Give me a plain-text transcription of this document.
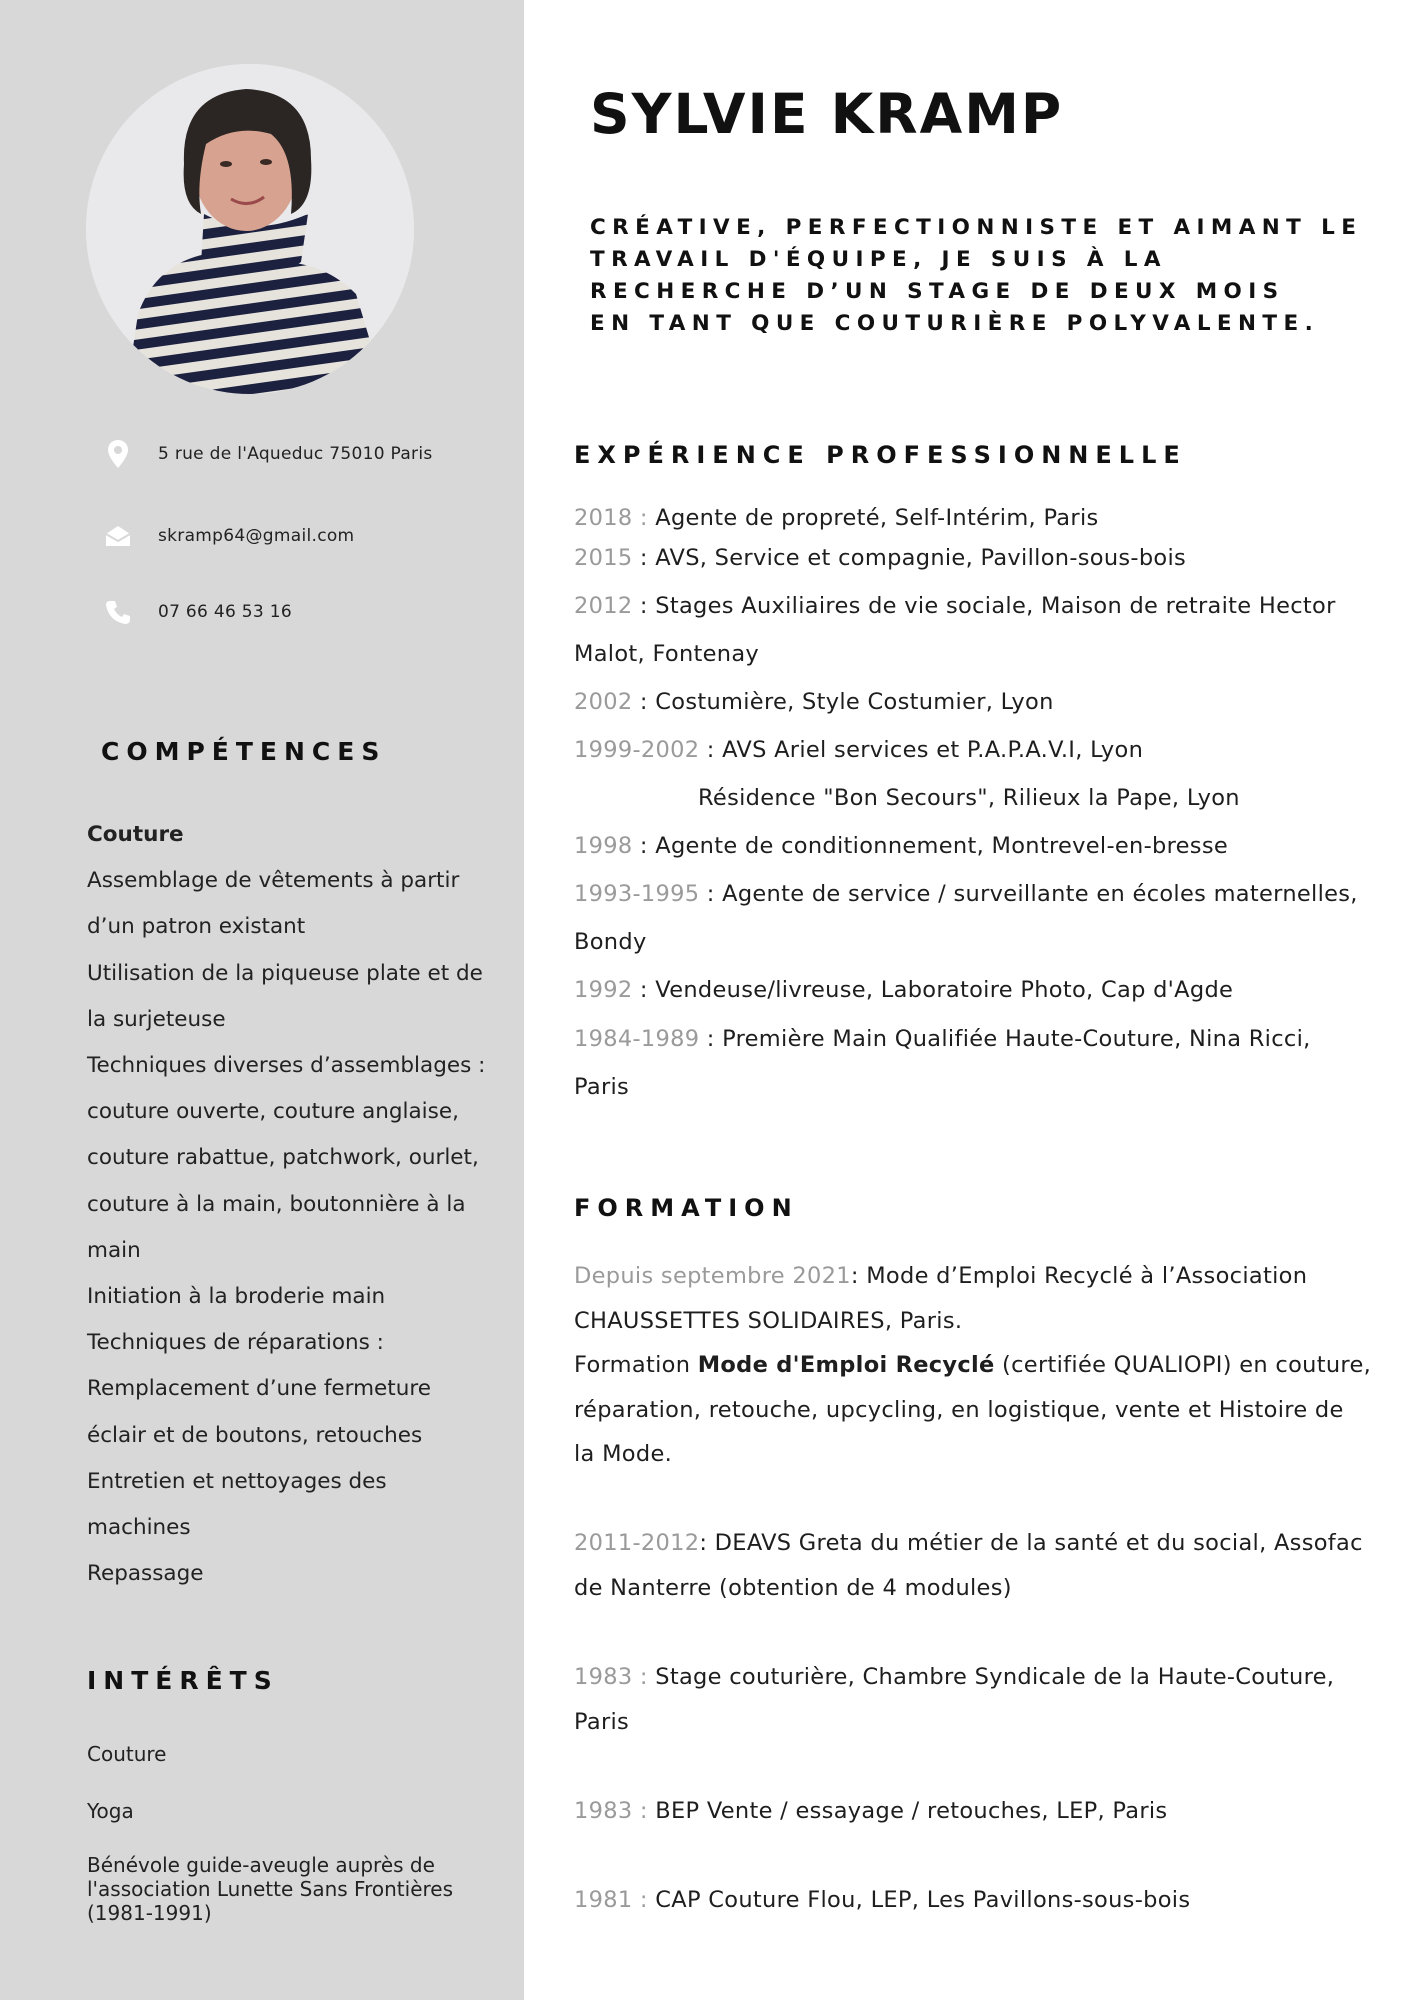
5 rue de l'Aqueduc 75010 Paris
skramp64@gmail.com
07 66 46 53 16
COMPÉTENCES
Couture
Assemblage de vêtements à partir
d’un patron existant
Utilisation de la piqueuse plate et de
la surjeteuse
Techniques diverses d’assemblages :
couture ouverte, couture anglaise,
couture rabattue, patchwork, ourlet,
couture à la main, boutonnière à la
main
Initiation à la broderie main
Techniques de réparations :
Remplacement d’une fermeture
éclair et de boutons, retouches
Entretien et nettoyages des
machines
Repassage
INTÉRÊTS
Couture
Yoga
Bénévole guide-aveugle auprès de
l'association Lunette Sans Frontières
(1981-1991)
SYLVIE KRAMP
CRÉATIVE, PERFECTIONNISTE ET AIMANT LE
TRAVAIL D'ÉQUIPE, JE SUIS À LA
RECHERCHE D’UN STAGE DE DEUX MOIS
EN TANT QUE COUTURIÈRE POLYVALENTE.
EXPÉRIENCE PROFESSIONNELLE
2018 : Agente de propreté, Self-Intérim, Paris
2015 : AVS, Service et compagnie, Pavillon-sous-bois
2012 : Stages Auxiliaires de vie sociale, Maison de retraite Hector
Malot, Fontenay
2002 : Costumière, Style Costumier, Lyon
1999-2002 : AVS Ariel services et P.A.P.A.V.I, Lyon
Résidence "Bon Secours", Rilieux la Pape, Lyon
1998 : Agente de conditionnement, Montrevel-en-bresse
1993-1995 : Agente de service / surveillante en écoles maternelles,
Bondy
1992 : Vendeuse/livreuse, Laboratoire Photo, Cap d'Agde
1984-1989 : Première Main Qualifiée Haute-Couture, Nina Ricci,
Paris
FORMATION
Depuis septembre 2021: Mode d’Emploi Recyclé à l’Association
CHAUSSETTES SOLIDAIRES, Paris.
Formation Mode d'Emploi Recyclé (certifiée QUALIOPI) en couture,
réparation, retouche, upcycling, en logistique, vente et Histoire de
la Mode.
2011-2012: DEAVS Greta du métier de la santé et du social, Assofac
de Nanterre (obtention de 4 modules)
1983 : Stage couturière, Chambre Syndicale de la Haute-Couture,
Paris
1983 : BEP Vente / essayage / retouches, LEP, Paris
1981 : CAP Couture Flou, LEP, Les Pavillons-sous-bois
